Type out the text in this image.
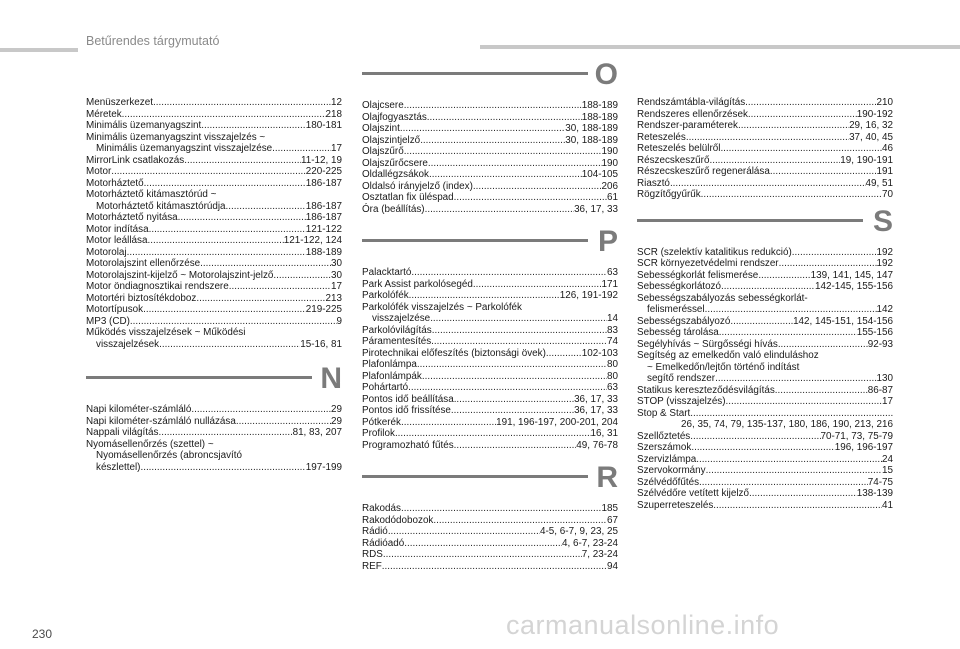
Betűrendes tárgymutató
Menüszerkezet .....	12
Méretek .....	218
Minimális üzemanyagszint .....	180-181
Minimális üzemanyagszint visszajelzés ~
Minimális üzemanyagszint visszajelzése .....	17
MirrorLink csatlakozás .....	11-12, 19
Motor .....	220-225
Motorháztető .....	186-187
Motorháztető kitámasztórúd ~
Motorháztető kitámasztórúdja .....	186-187
Motorháztető nyitása .....	186-187
Motor indítása .....	121-122
Motor leállása .....	121-122, 124
Motorolaj .....	188-189
Motorolajszint ellenőrzése .....	30
Motorolajszint-kijelző ~ Motorolajszint-jelző .....	30
Motor öndiagnosztikai rendszere .....	17
Motortéri biztosítékdoboz .....	213
Motortípusok .....	219-225
MP3 (CD) .....	9
Működés visszajelzések ~ Működési
visszajelzések .....	15-16, 81
N
Napi kilométer-számláló .....	29
Napi kilométer-számláló nullázása .....	29
Nappali világítás .....	81, 83, 207
Nyomásellenőrzés (szettel) ~
Nyomásellenőrzés (abroncsjavító
készlettel) .....	197-199
O
Olajcsere .....	188-189
Olajfogyasztás .....	188-189
Olajszint .....	30, 188-189
Olajszintjelző .....	30, 188-189
Olajszűrő .....	190
Olajszűrőcsere .....	190
Oldallégzsákok .....	104-105
Oldalsó irányjelző (index) .....	206
Osztatlan fix üléspad .....	61
Óra (beállítás) .....	36, 17, 33
P
Palacktartó .....	63
Park Assist parkolósegéd .....	171
Parkolófék .....	126, 191-192
Parkolófék visszajelzés ~ Parkolófék
visszajelzése .....	14
Parkolóvilágítás .....	83
Páramentesítés .....	74
Pirotechnikai előfeszítés (biztonsági övek) .....	102-103
Plafonlámpa .....	80
Plafonlámpák .....	80
Pohártartó .....	63
Pontos idő beállítása .....	36, 17, 33
Pontos idő frissítése .....	36, 17, 33
Pótkerék .....	191, 196-197, 200-201, 204
Profilok .....	16, 31
Programozható fűtés .....	49, 76-78
R
Rakodás .....	185
Rakodódobozok .....	67
Rádió .....	4-5, 6-7, 9, 23, 25
Rádióadó .....	4, 6-7, 23-24
RDS .....	7, 23-24
REF .....	94
Rendszámtábla-világítás .....	210
Rendszeres ellenőrzések .....	190-192
Rendszer-paraméterek .....	29, 16, 32
Reteszelés .....	37, 40, 45
Reteszelés belülről .....	46
Részecskeszűrő .....	19, 190-191
Részecskeszűrő regenerálása .....	191
Riasztó .....	49, 51
Rögzítőgyűrűk .....	70
S
SCR (szelektív katalitikus redukció) .....	192
SCR környezetvédelmi rendszer .....	192
Sebességkorlát felismerése .....	139, 141, 145, 147
Sebességkorlátozó .....	142-145, 155-156
Sebességszabályozás sebességkorlát-
felismeréssel .....	142
Sebességszabályozó .....	142, 145-151, 154-156
Sebesség tárolása .....	155-156
Segélyhívás ~ Sürgősségi hívás .....	92-93
Segítség az emelkedőn való elinduláshoz
~ Emelkedőn/lejtőn történő indítást
segítő rendszer .....	130
Statikus kereszteződésvilágítás .....	86-87
STOP (visszajelzés) .....	17
Stop & Start
.....
26, 35, 74, 79, 135-137, 180, 186, 190, 213, 216
Szellőztetés .....	70-71, 73, 75-79
Szerszámok .....	196, 196-197
Szervizlámpa .....	24
Szervokormány .....	15
Szélvédőfűtés .....	74-75
Szélvédőre vetített kijelző .....	138-139
Szuperreteszelés .....	41
230	carmanualsonline.info
